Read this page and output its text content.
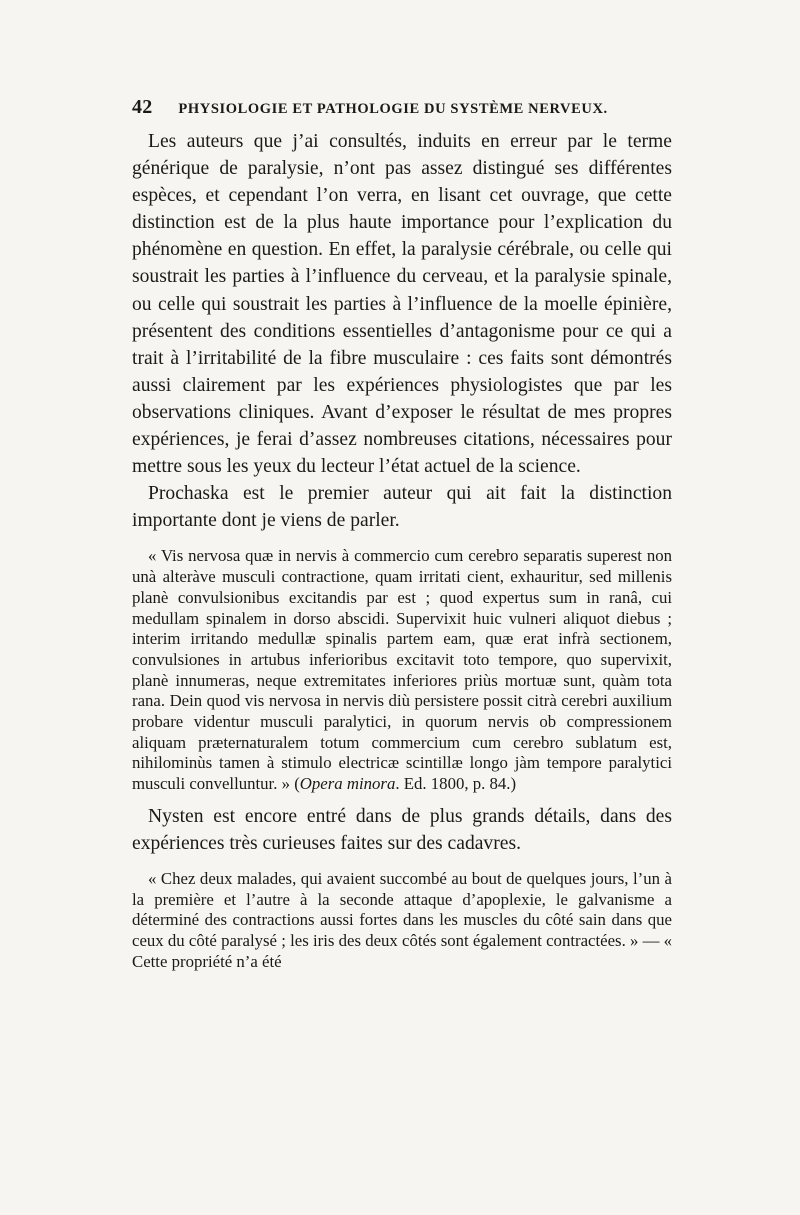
42 PHYSIOLOGIE ET PATHOLOGIE DU SYSTÈME NERVEUX.

Les auteurs que j’ai consultés, induits en erreur par le terme générique de paralysie, n’ont pas assez distingué ses différentes espèces, et cependant l’on verra, en lisant cet ouvrage, que cette distinction est de la plus haute importance pour l’explication du phénomène en question. En effet, la paralysie cérébrale, ou celle qui soustrait les parties à l’influence du cerveau, et la paralysie spinale, ou celle qui soustrait les parties à l’influence de la moelle épinière, présentent des conditions essentielles d’antagonisme pour ce qui a trait à l’irritabilité de la fibre musculaire : ces faits sont démontrés aussi clairement par les expériences physiologistes que par les observations cliniques. Avant d’exposer le résultat de mes propres expériences, je ferai d’assez nombreuses citations, nécessaires pour mettre sous les yeux du lecteur l’état actuel de la science.

Prochaska est le premier auteur qui ait fait la distinction importante dont je viens de parler.

« Vis nervosa quæ in nervis à commercio cum cerebro separatis superest non unà alteràve musculi contractione, quam irritati cient, exhauritur, sed millenis planè convulsionibus excitandis par est ; quod expertus sum in ranâ, cui medullam spinalem in dorso abscidi. Supervixit huic vulneri aliquot diebus ; interim irritando medullæ spinalis partem eam, quæ erat infrà sectionem, convulsiones in artubus inferioribus excitavit toto tempore, quo supervixit, planè innumeras, neque extremitates inferiores priùs mortuæ sunt, quàm tota rana. Dein quod vis nervosa in nervis diù persistere possit citrà cerebri auxilium probare videntur musculi paralytici, in quorum nervis ob compressionem aliquam præternaturalem totum commercium cum cerebro sublatum est, nihilominùs tamen à stimulo electricæ scintillæ longo jàm tempore paralytici musculi convelluntur. » (Opera minora. Ed. 1800, p. 84.)

Nysten est encore entré dans de plus grands détails, dans des expériences très curieuses faites sur des cadavres.

« Chez deux malades, qui avaient succombé au bout de quelques jours, l’un à la première et l’autre à la seconde attaque d’apoplexie, le galvanisme a déterminé des contractions aussi fortes dans les muscles du côté sain dans que ceux du côté paralysé ; les iris des deux côtés sont également contractées. » — « Cette propriété n’a été
